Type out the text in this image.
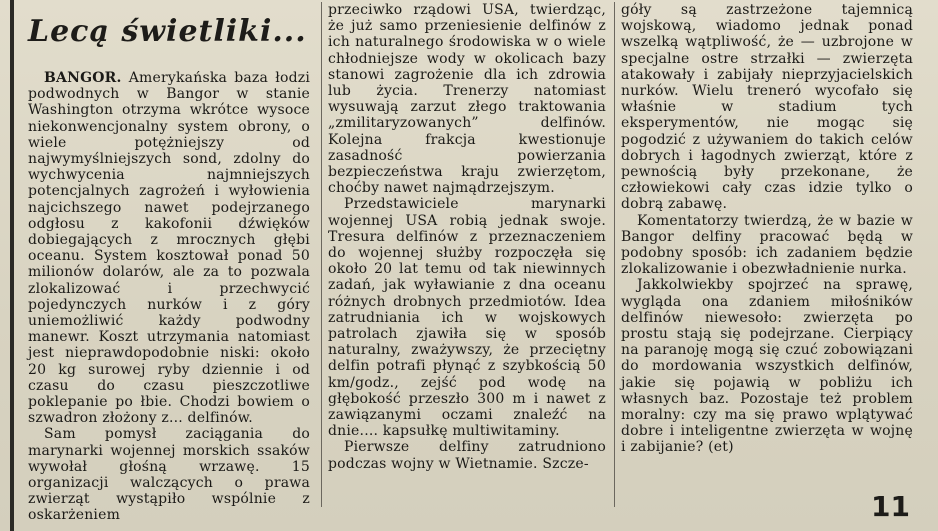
Lecą świetliki...

BANGOR. Amerykańska baza łodzi podwodnych w Bangor w stanie Washington otrzyma wkrótce wysoce niekonwencjonalny system obrony, o wiele potężniejszy od najwymyślniejszych sond, zdolny do wychwycenia najmniejszych potencjalnych zagrożeń i wyłowienia najcichszego nawet podejrzanego odgłosu z kakofonii dźwięków dobiegających z mrocznych głębi oceanu. System kosztował ponad 50 milionów dolarów, ale za to pozwala zlokalizować i przechwycić pojedynczych nurków i z góry uniemożliwić każdy podwodny manewr. Koszt utrzymania natomiast jest nieprawdopodobnie niski: około 20 kg surowej ryby dziennie i od czasu do czasu pieszczotliwe poklepanie po łbie. Chodzi bowiem o szwadron złożony z... delfinów.

Sam pomysł zaciągania do marynarki wojennej morskich ssaków wywołał głośną wrzawę. 15 organizacji walczących o prawa zwierząt wystąpiło wspólnie z oskarżeniem

przeciwko rządowi USA, twierdząc, że już samo przeniesienie delfinów z ich naturalnego środowiska w o wiele chłodniejsze wody w okolicach bazy stanowi zagrożenie dla ich zdrowia lub życia. Trenerzy natomiast wysuwają zarzut złego traktowania „zmilitaryzowanych” delfinów. Kolejna frakcja kwestionuje zasadność powierzania bezpieczeństwa kraju zwierzętom, choćby nawet najmądrzejszym.

Przedstawiciele marynarki wojennej USA robią jednak swoje. Tresura delfinów z przeznaczeniem do wojennej służby rozpoczęła się około 20 lat temu od tak niewinnych zadań, jak wyławianie z dna oceanu różnych drobnych przedmiotów. Idea zatrudniania ich w wojskowych patrolach zjawiła się w sposób naturalny, zważywszy, że przeciętny delfin potrafi płynąć z szybkością 50 km/godz., zejść pod wodę na głębokość przeszło 300 m i nawet z zawiązanymi oczami znaleźć na dnie.... kapsułkę multiwitaminy.

Pierwsze delfiny zatrudniono podczas wojny w Wietnamie. Szcze-

góły są zastrzeżone tajemnicą wojskową, wiadomo jednak ponad wszelką wątpliwość, że — uzbrojone w specjalne ostre strzałki — zwierzęta atakowały i zabijały nieprzyjacielskich nurków. Wielu treneró wycofało się właśnie w stadium tych eksperymentów, nie mogąc się pogodzić z używaniem do takich celów dobrych i łagodnych zwierząt, które z pewnością były przekonane, że człowiekowi cały czas idzie tylko o dobrą zabawę.

Komentatorzy twierdzą, że w bazie w Bangor delfiny pracować będą w podobny sposób: ich zadaniem będzie zlokalizowanie i obezwładnienie nurka.

Jakkolwiekby spojrzeć na sprawę, wygląda ona zdaniem miłośników delfinów niewesoło: zwierzęta po prostu stają się podejrzane. Cierpiący na paranoję mogą się czuć zobowiązani do mordowania wszystkich delfinów, jakie się pojawią w pobliżu ich własnych baz. Pozostaje też problem moralny: czy ma się prawo wplątywać dobre i inteligentne zwierzęta w wojnę i zabijanie? (et)

11
